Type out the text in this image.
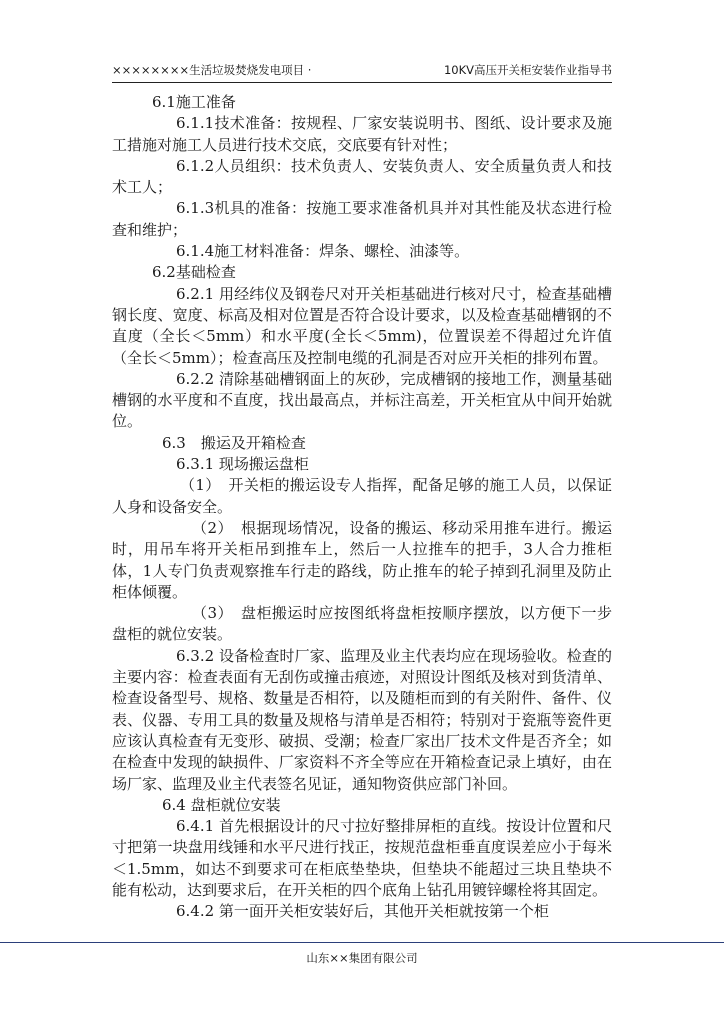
××××××××生活垃圾焚烧发电项目 ·	10KV高压开关柜安装作业指导书

6.1施工准备

6.1.1技术准备：按规程、厂家安装说明书、图纸、设计要求及施工措施对施工人员进行技术交底，交底要有针对性；

6.1.2人员组织：技术负责人、安装负责人、安全质量负责人和技术工人；

6.1.3机具的准备：按施工要求准备机具并对其性能及状态进行检查和维护；

6.1.4施工材料准备：焊条、螺栓、油漆等。

6.2基础检查

6.2.1 用经纬仪及钢卷尺对开关柜基础进行核对尺寸，检查基础槽钢长度、宽度、标高及相对位置是否符合设计要求，以及检查基础槽钢的不直度（全长＜5mm）和水平度(全长＜5mm)，位置误差不得超过允许值（全长＜5mm）；检查高压及控制电缆的孔洞是否对应开关柜的排列布置。

6.2.2 清除基础槽钢面上的灰砂，完成槽钢的接地工作，测量基础槽钢的水平度和不直度，找出最高点，并标注高差，开关柜宜从中间开始就位。

6.3　搬运及开箱检查

6.3.1 现场搬运盘柜

（1）　开关柜的搬运设专人指挥，配备足够的施工人员，以保证人身和设备安全。

（2）　根据现场情况，设备的搬运、移动采用推车进行。搬运时，用吊车将开关柜吊到推车上，然后一人拉推车的把手，3人合力推柜体，1人专门负责观察推车行走的路线，防止推车的轮子掉到孔洞里及防止柜体倾覆。

（3）　盘柜搬运时应按图纸将盘柜按顺序摆放，以方便下一步盘柜的就位安装。

6.3.2 设备检查时厂家、监理及业主代表均应在现场验收。检查的主要内容：检查表面有无刮伤或撞击痕迹，对照设计图纸及核对到货清单、检查设备型号、规格、数量是否相符，以及随柜而到的有关附件、备件、仪表、仪器、专用工具的数量及规格与清单是否相符；特别对于瓷瓶等瓷件更应该认真检查有无变形、破损、受潮；检查厂家出厂技术文件是否齐全；如在检查中发现的缺损件、厂家资料不齐全等应在开箱检查记录上填好，由在场厂家、监理及业主代表签名见证，通知物资供应部门补回。

6.4 盘柜就位安装

6.4.1 首先根据设计的尺寸拉好整排屏柜的直线。按设计位置和尺寸把第一块盘用线锤和水平尺进行找正，按规范盘柜垂直度误差应小于每米＜1.5mm，如达不到要求可在柜底垫垫块，但垫块不能超过三块且垫块不能有松动，达到要求后，在开关柜的四个底角上钻孔用镀锌螺栓将其固定。

6.4.2 第一面开关柜安装好后，其他开关柜就按第一个柜

山东××集团有限公司
